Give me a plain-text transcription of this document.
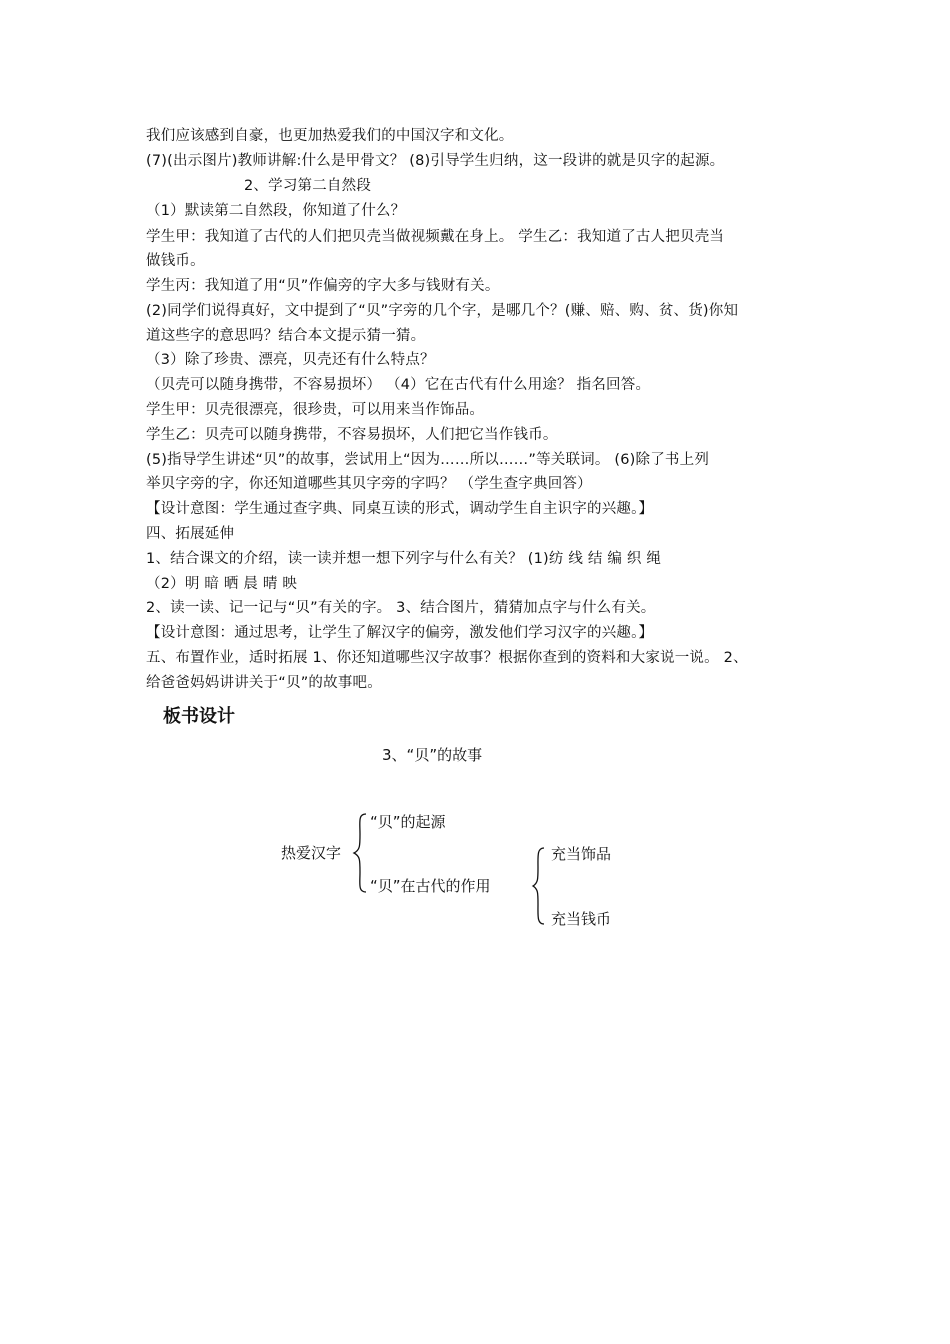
我们应该感到自豪，也更加热爱我们的中国汉字和文化。
(7)(出示图片)教师讲解:什么是甲骨文？ (8)引导学生归纳，这一段讲的就是贝字的起源。
2、学习第二自然段
（1）默读第二自然段，你知道了什么？
学生甲：我知道了古代的人们把贝壳当做视频戴在身上。 学生乙：我知道了古人把贝壳当
做钱币。
学生丙：我知道了用“贝”作偏旁的字大多与钱财有关。
(2)同学们说得真好，文中提到了“贝”字旁的几个字，是哪几个？(赚、赔、购、贫、货)你知
道这些字的意思吗？结合本文提示猜一猜。
（3）除了珍贵、漂亮，贝壳还有什么特点？
（贝壳可以随身携带，不容易损坏） （4）它在古代有什么用途？ 指名回答。
学生甲：贝壳很漂亮，很珍贵，可以用来当作饰品。
学生乙：贝壳可以随身携带，不容易损坏，人们把它当作钱币。
(5)指导学生讲述“贝”的故事，尝试用上“因为……所以……”等关联词。 (6)除了书上列
举贝字旁的字，你还知道哪些其贝字旁的字吗？ （学生查字典回答）
【设计意图：学生通过查字典、同桌互读的形式，调动学生自主识字的兴趣。】
四、拓展延伸
1、结合课文的介绍，读一读并想一想下列字与什么有关？ (1)纺 线 结 编 织 绳
（2）明 暗 晒 晨 晴 映
2、读一读、记一记与“贝”有关的字。 3、结合图片，猜猜加点字与什么有关。
【设计意图：通过思考，让学生了解汉字的偏旁，激发他们学习汉字的兴趣。】
五、布置作业，适时拓展 1、你还知道哪些汉字故事？根据你查到的资料和大家说一说。 2、
给爸爸妈妈讲讲关于“贝”的故事吧。
板书设计
3、“贝”的故事
热爱汉字
“贝”的起源
“贝”在古代的作用
充当饰品
充当钱币
